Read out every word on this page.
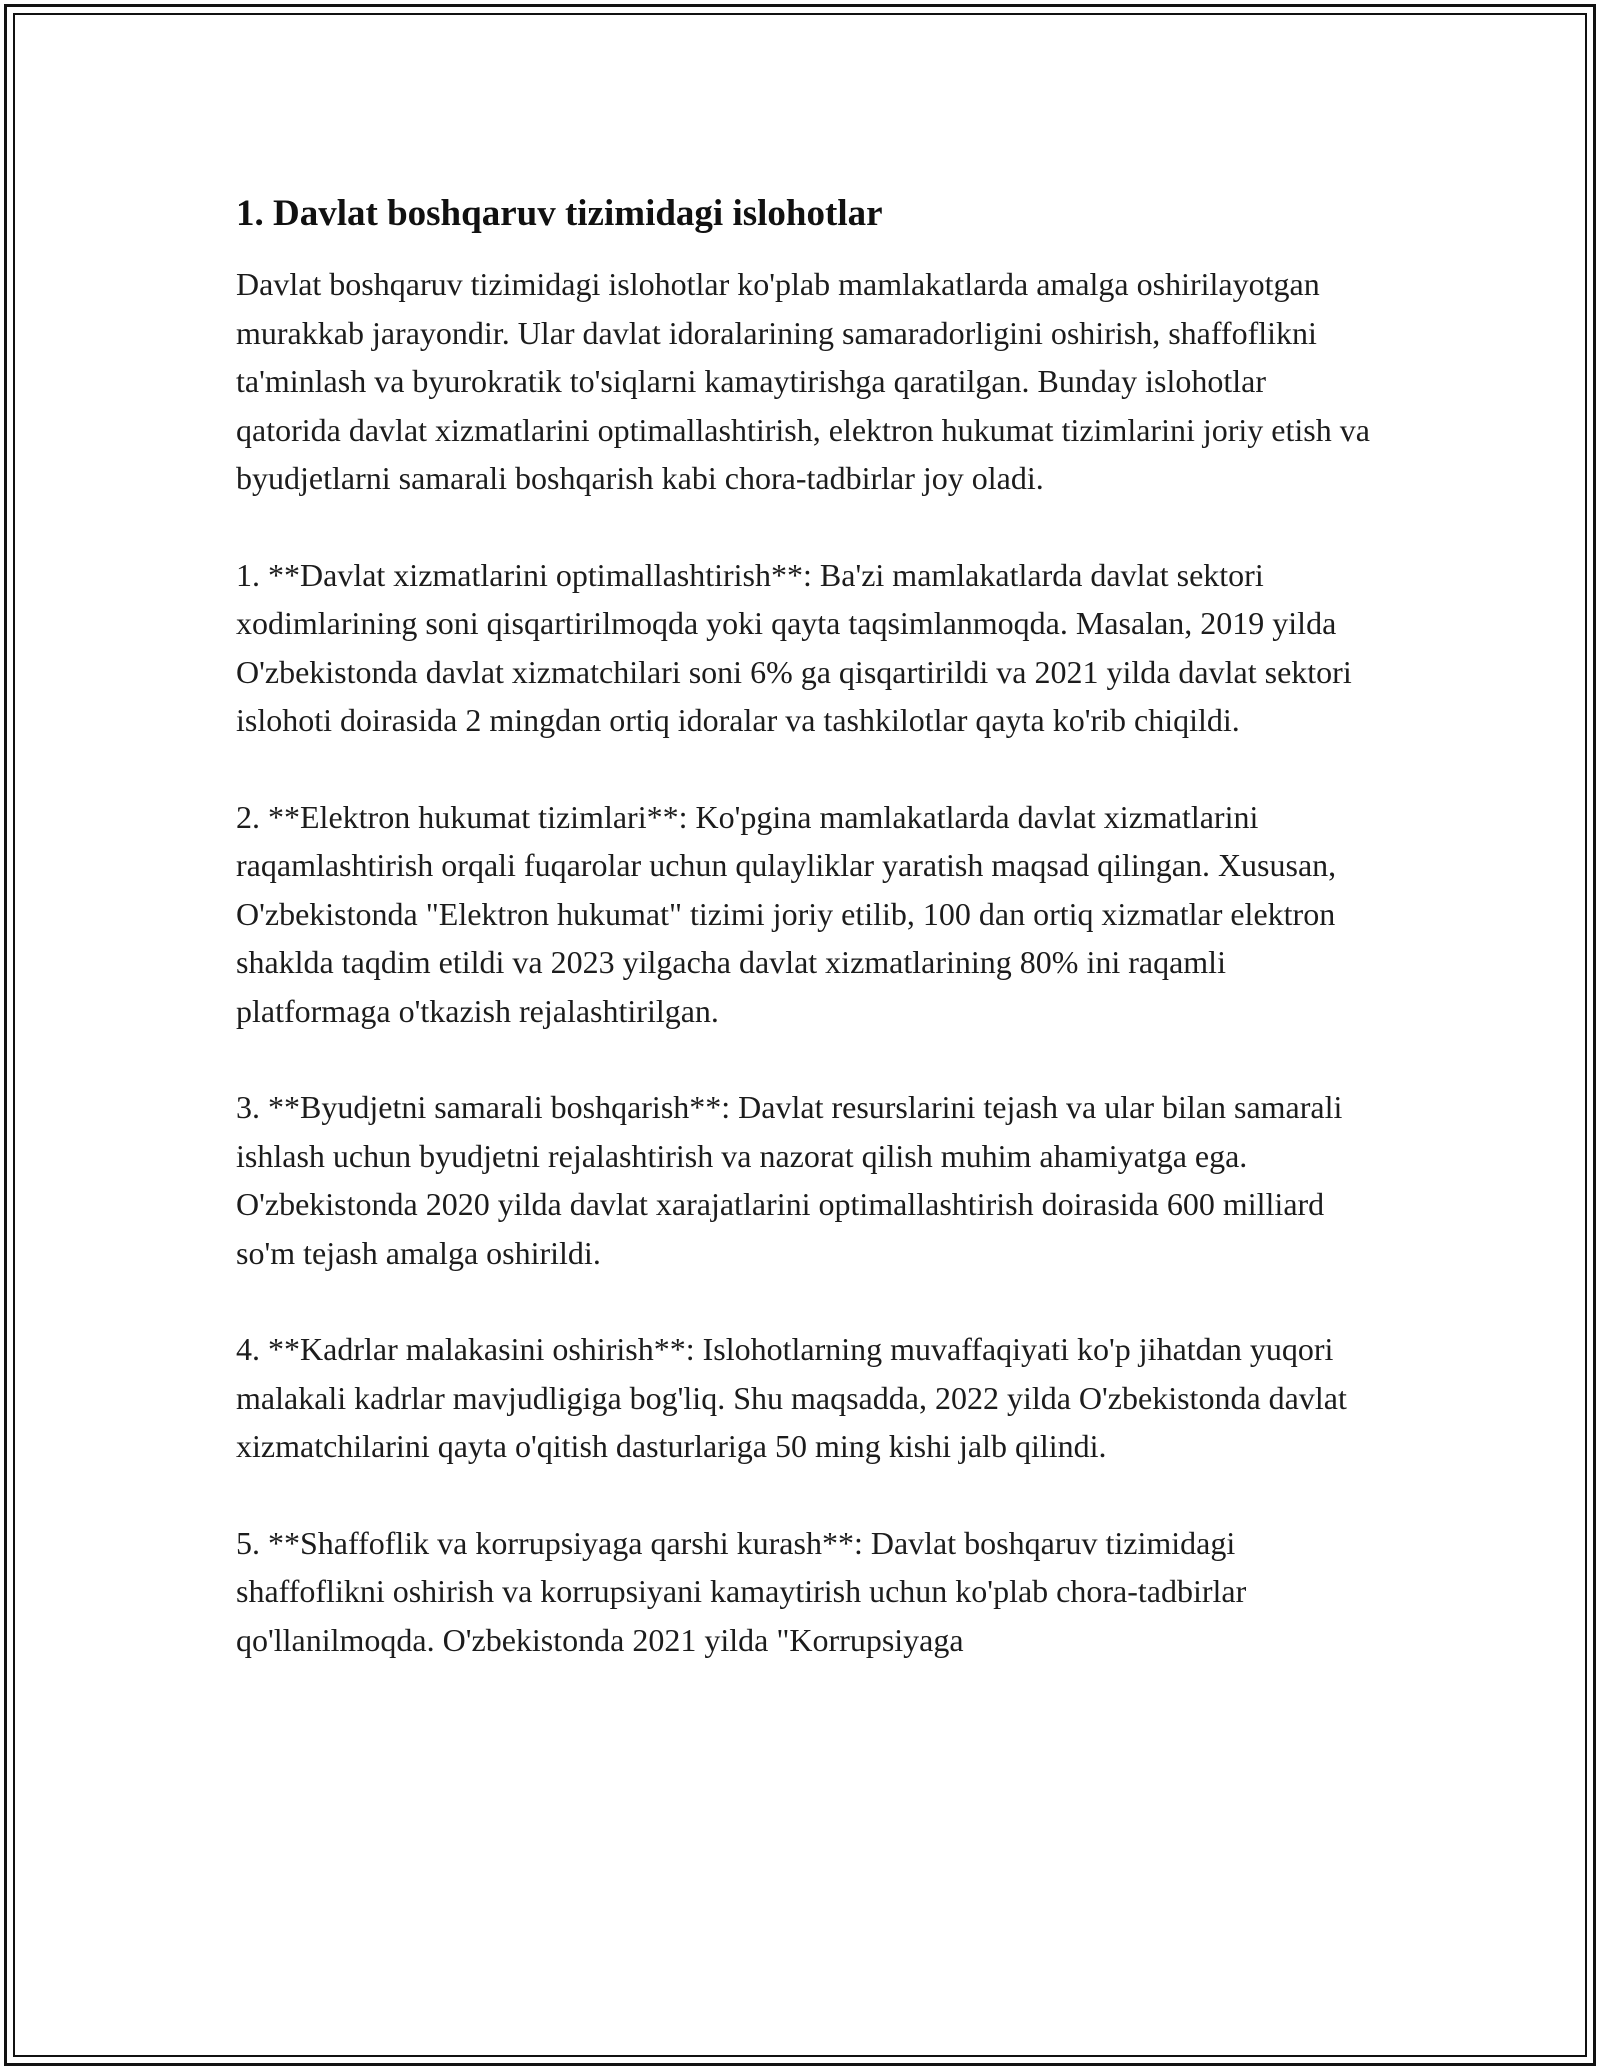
1. Davlat boshqaruv tizimidagi islohotlar

Davlat boshqaruv tizimidagi islohotlar ko'plab mamlakatlarda amalga oshirilayotgan murakkab jarayondir. Ular davlat idoralarining samaradorligini oshirish, shaffoflikni ta'minlash va byurokratik to'siqlarni kamaytirishga qaratilgan. Bunday islohotlar qatorida davlat xizmatlarini optimallashtirish, elektron hukumat tizimlarini joriy etish va byudjetlarni samarali boshqarish kabi chora-tadbirlar joy oladi.

1. **Davlat xizmatlarini optimallashtirish**: Ba'zi mamlakatlarda davlat sektori xodimlarining soni qisqartirilmoqda yoki qayta taqsimlanmoqda. Masalan, 2019 yilda O'zbekistonda davlat xizmatchilari soni 6% ga qisqartirildi va 2021 yilda davlat sektori islohoti doirasida 2 mingdan ortiq idoralar va tashkilotlar qayta ko'rib chiqildi.

2. **Elektron hukumat tizimlari**: Ko'pgina mamlakatlarda davlat xizmatlarini raqamlashtirish orqali fuqarolar uchun qulayliklar yaratish maqsad qilingan. Xususan, O'zbekistonda "Elektron hukumat" tizimi joriy etilib, 100 dan ortiq xizmatlar elektron shaklda taqdim etildi va 2023 yilgacha davlat xizmatlarining 80% ini raqamli platformaga o'tkazish rejalashtirilgan.

3. **Byudjetni samarali boshqarish**: Davlat resurslarini tejash va ular bilan samarali ishlash uchun byudjetni rejalashtirish va nazorat qilish muhim ahamiyatga ega. O'zbekistonda 2020 yilda davlat xarajatlarini optimallashtirish doirasida 600 milliard so'm tejash amalga oshirildi.

4. **Kadrlar malakasini oshirish**: Islohotlarning muvaffaqiyati ko'p jihatdan yuqori malakali kadrlar mavjudligiga bog'liq. Shu maqsadda, 2022 yilda O'zbekistonda davlat xizmatchilarini qayta o'qitish dasturlariga 50 ming kishi jalb qilindi.

5. **Shaffoflik va korrupsiyaga qarshi kurash**: Davlat boshqaruv tizimidagi shaffoflikni oshirish va korrupsiyani kamaytirish uchun ko'plab chora-tadbirlar qo'llanilmoqda. O'zbekistonda 2021 yilda "Korrupsiyaga
